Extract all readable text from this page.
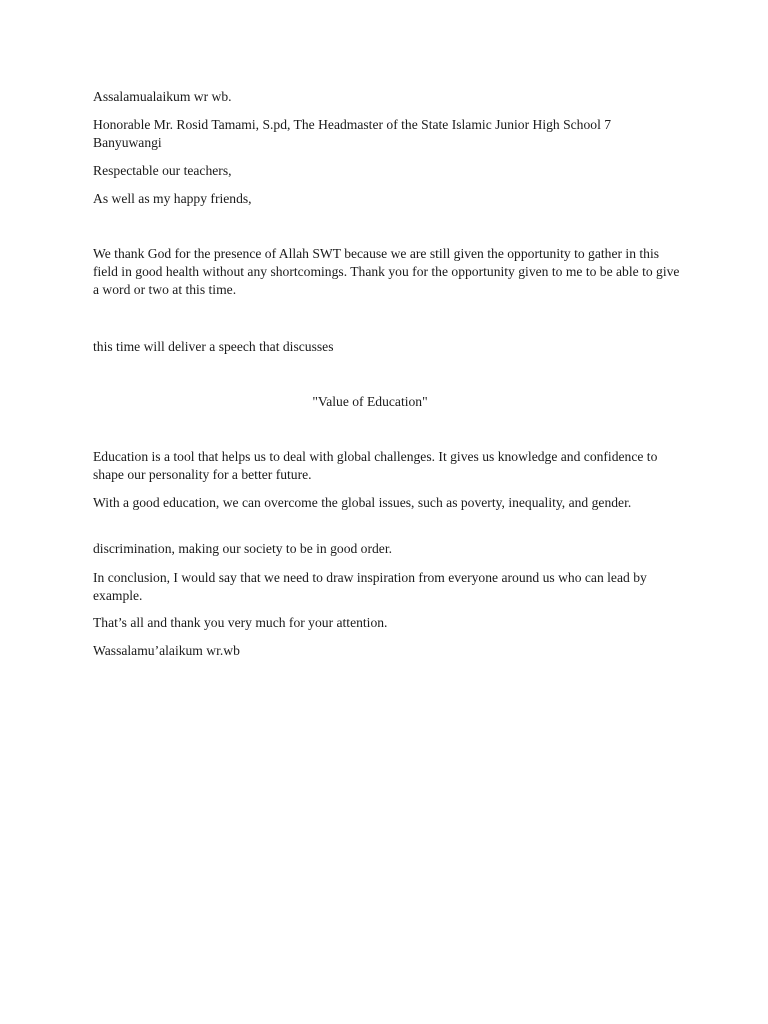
Assalamualaikum wr wb.

Honorable Mr. Rosid Tamami, S.pd, The Headmaster of the State Islamic Junior High School 7 Banyuwangi

Respectable our teachers,

As well as my happy friends,

We thank God for the presence of Allah SWT because we are still given the opportunity to gather in this field in good health without any shortcomings. Thank you for the opportunity given to me to be able to give a word or two at this time.

this time will deliver a speech that discusses

"Value of Education"

Education is a tool that helps us to deal with global challenges. It gives us knowledge and confidence to shape our personality for a better future.

With a good education, we can overcome the global issues, such as poverty, inequality, and gender.

discrimination, making our society to be in good order.

In conclusion, I would say that we need to draw inspiration from everyone around us who can lead by example.

That’s all and thank you very much for your attention.

Wassalamu’alaikum wr.wb
